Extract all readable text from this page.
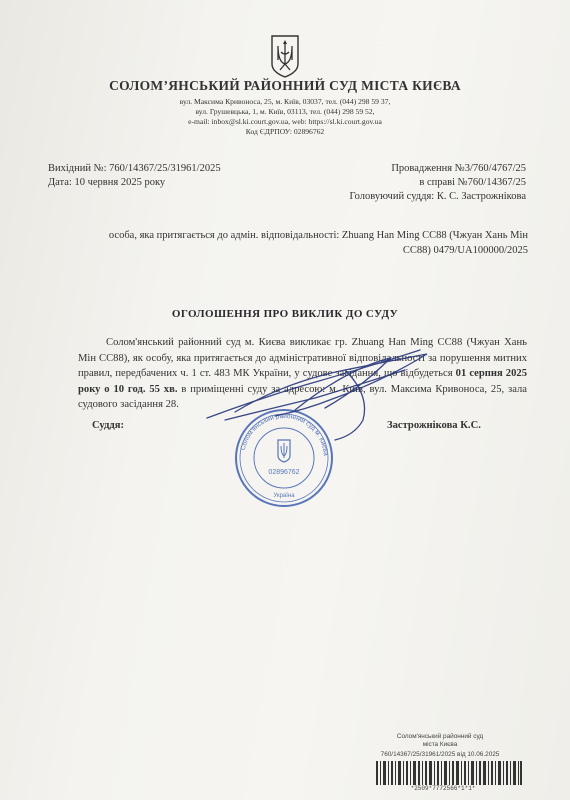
СОЛОМ’ЯНСЬКИЙ РАЙОННИЙ СУД МІСТА КИЄВА
вул. Максима Кривоноса, 25, м. Київ, 03037, тел. (044) 298 59 37,
вул. Грушевцька, 1, м. Київ, 03113, тел. (044) 298 59 52,
e-mail: inbox@sl.ki.court.gov.ua, web: https://sl.ki.court.gov.ua
Код ЄДРПОУ: 02896762
Вихідний №: 760/14367/25/31961/2025
Дата: 10 червня 2025 року
Провадження №3/760/4767/25
в справі №760/14367/25
Головуючий суддя: К. С. Застрожнікова
особа, яка притягається до адмін. відповідальності: Zhuang Han Ming CC88 (Чжуан Хань Мін
CC88) 0479/UA100000/2025
ОГОЛОШЕННЯ ПРО ВИКЛИК ДО СУДУ

Солом'янський районний суд м. Києва викликає гр. Zhuang Han Ming CC88 (Чжуан Хань Мін CC88), як особу, яка притягається до адміністративної відповідальності за порушення митних правил, передбачених ч. 1 ст. 483 МК України, у судове засідання, що відбудеться 01 серпня 2025 року о 10 год. 55 хв. в приміщенні суду за адресою: м. Київ, вул. Максима Кривоноса, 25, зала судового засідання 28.

Суддя:	Застрожнікова К.С.
Солом'янський районний суд м. Києва
02896762
Україна
Солом'янський районний суд
міста Києва
760/14367/25/31961/2025 від 10.06.2025
*2509*7772566*1*1*
